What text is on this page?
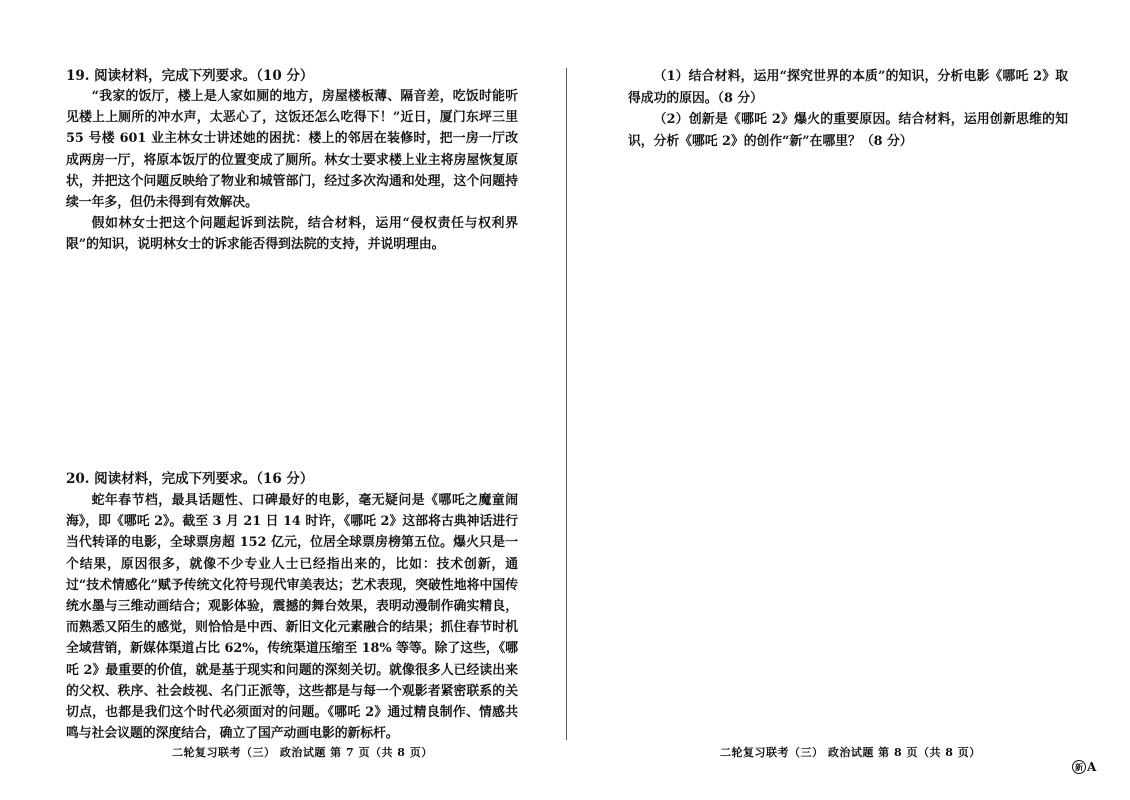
19. 阅读材料，完成下列要求。（10 分）

“我家的饭厅，楼上是人家如厕的地方，房屋楼板薄、隔音差，吃饭时能听见楼上上厕所的冲水声，太恶心了，这饭还怎么吃得下！”近日，厦门东坪三里 55 号楼 601 业主林女士讲述她的困扰：楼上的邻居在装修时，把一房一厅改成两房一厅，将原本饭厅的位置变成了厕所。林女士要求楼上业主将房屋恢复原状，并把这个问题反映给了物业和城管部门，经过多次沟通和处理，这个问题持续一年多，但仍未得到有效解决。

假如林女士把这个问题起诉到法院，结合材料，运用“侵权责任与权利界限”的知识，说明林女士的诉求能否得到法院的支持，并说明理由。

20. 阅读材料，完成下列要求。（16 分）

蛇年春节档，最具话题性、口碑最好的电影，毫无疑问是《哪吒之魔童闹海》，即《哪吒 2》。截至 3 月 21 日 14 时许，《哪吒 2》这部将古典神话进行当代转译的电影，全球票房超 152 亿元，位居全球票房榜第五位。爆火只是一个结果，原因很多，就像不少专业人士已经指出来的，比如：技术创新，通过“技术情感化”赋予传统文化符号现代审美表达；艺术表现，突破性地将中国传统水墨与三维动画结合；观影体验，震撼的舞台效果，表明动漫制作确实精良，而熟悉又陌生的感觉，则恰恰是中西、新旧文化元素融合的结果；抓住春节时机全域营销，新媒体渠道占比 62%，传统渠道压缩至 18% 等等。除了这些，《哪吒 2》最重要的价值，就是基于现实和问题的深刻关切。就像很多人已经读出来的父权、秩序、社会歧视、名门正派等，这些都是与每一个观影者紧密联系的关切点，也都是我们这个时代必须面对的问题。《哪吒 2》通过精良制作、情感共鸣与社会议题的深度结合，确立了国产动画电影的新标杆。

（1）结合材料，运用“探究世界的本质”的知识，分析电影《哪吒 2》取得成功的原因。（8 分）

（2）创新是《哪吒 2》爆火的重要原因。结合材料，运用创新思维的知识，分析《哪吒 2》的创作“新”在哪里？（8 分）

二轮复习联考（三） 政治试题 第 7 页（共 8 页）	二轮复习联考（三） 政治试题 第 8 页（共 8 页）
新 A
